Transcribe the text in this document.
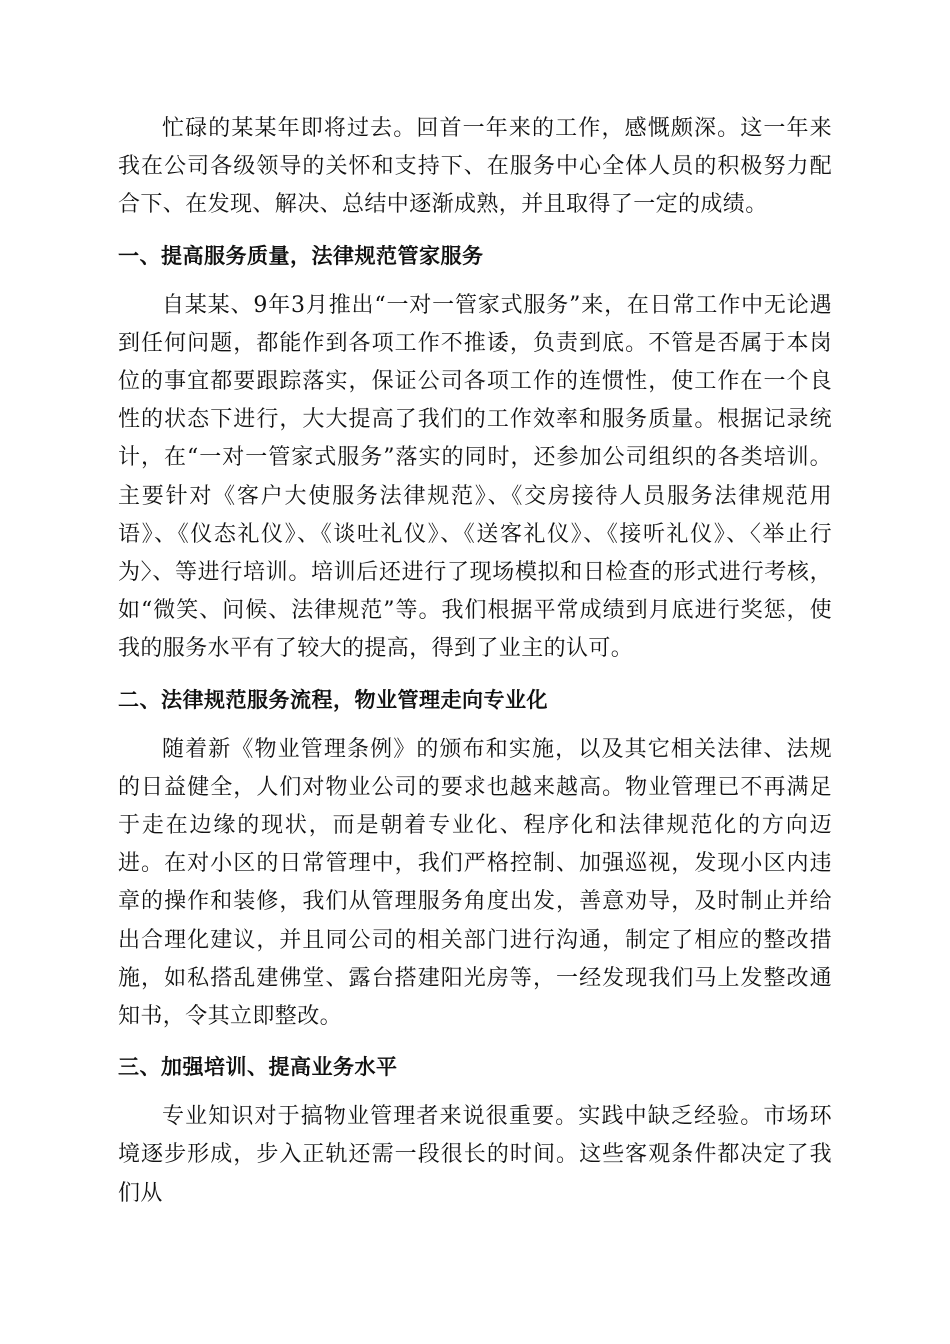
忙碌的某某年即将过去。回首一年来的工作，感慨颇深。这一年来我在公司各级领导的关怀和支持下、在服务中心全体人员的积极努力配合下、在发现、解决、总结中逐渐成熟，并且取得了一定的成绩。

一、提高服务质量，法律规范管家服务

自某某、9年3月推出“一对一管家式服务”来，在日常工作中无论遇到任何问题，都能作到各项工作不推诿，负责到底。不管是否属于本岗位的事宜都要跟踪落实，保证公司各项工作的连惯性，使工作在一个良性的状态下进行，大大提高了我们的工作效率和服务质量。根据记录统计，在“一对一管家式服务”落实的同时，还参加公司组织的各类培训。主要针对《客户大使服务法律规范》、《交房接待人员服务法律规范用语》、《仪态礼仪》、《谈吐礼仪》、《送客礼仪》、《接听礼仪》、〈举止行为〉、等进行培训。培训后还进行了现场模拟和日检查的形式进行考核，如“微笑、问候、法律规范”等。我们根据平常成绩到月底进行奖惩，使我的服务水平有了较大的提高，得到了业主的认可。

二、法律规范服务流程，物业管理走向专业化

随着新《物业管理条例》的颁布和实施，以及其它相关法律、法规的日益健全，人们对物业公司的要求也越来越高。物业管理已不再满足于走在边缘的现状，而是朝着专业化、程序化和法律规范化的方向迈进。在对小区的日常管理中，我们严格控制、加强巡视，发现小区内违章的操作和装修，我们从管理服务角度出发，善意劝导，及时制止并给出合理化建议，并且同公司的相关部门进行沟通，制定了相应的整改措施，如私搭乱建佛堂、露台搭建阳光房等，一经发现我们马上发整改通知书，令其立即整改。

三、加强培训、提高业务水平

专业知识对于搞物业管理者来说很重要。实践中缺乏经验。市场环境逐步形成，步入正轨还需一段很长的时间。这些客观条件都决定了我们从
